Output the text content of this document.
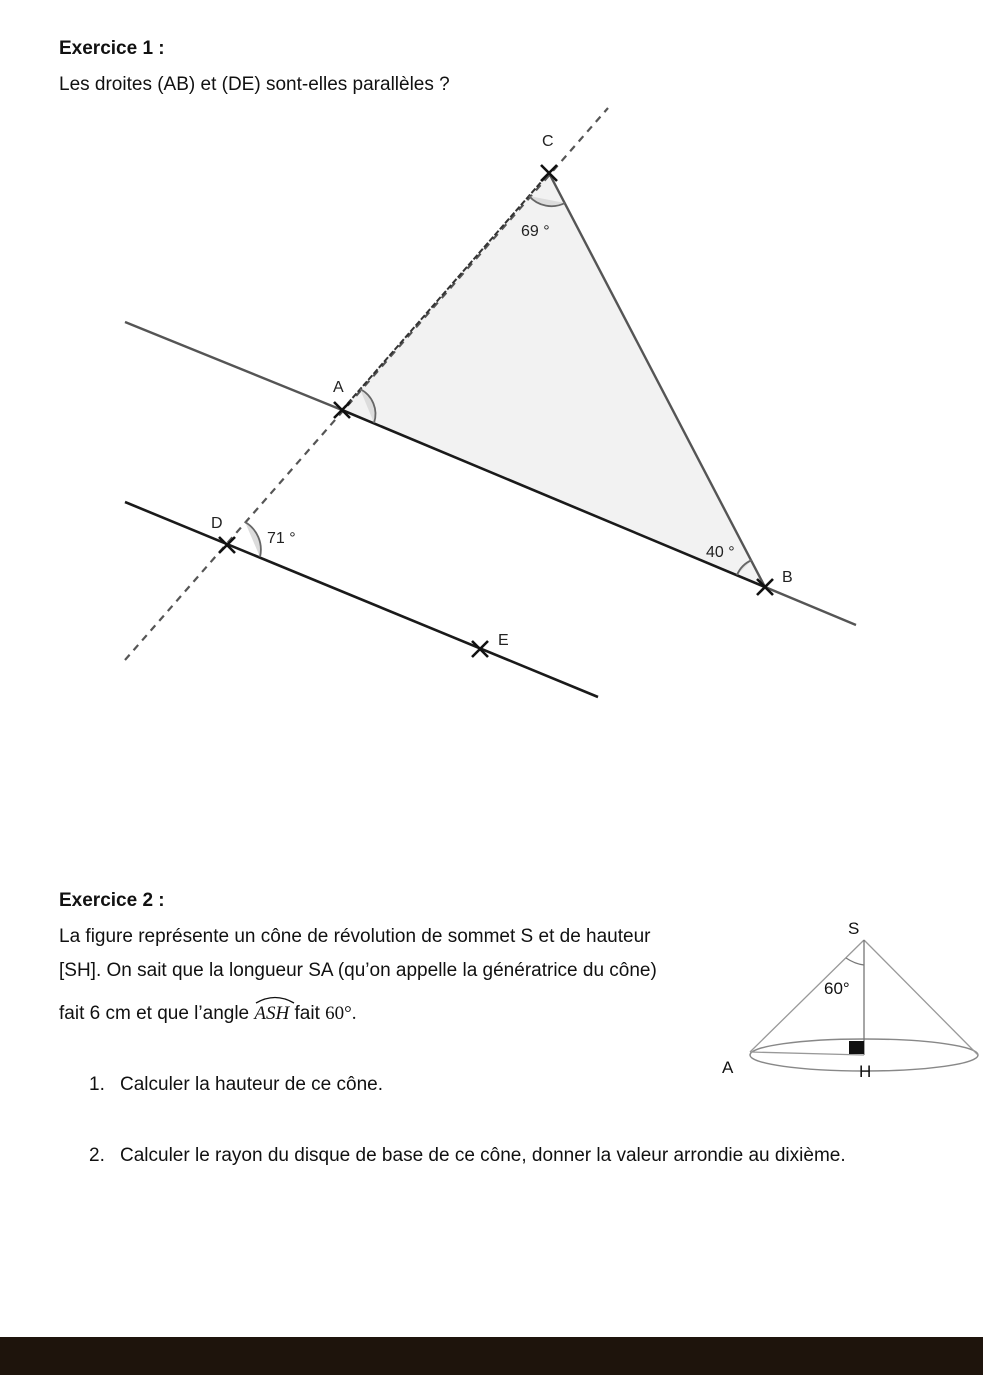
Exercice 1 :
Les droites (AB) et (DE) sont-elles parallèles ?
C
A
D
E
B
69 °
71 °
40 °
Exercice 2 :
La figure représente un cône de révolution de sommet S et de hauteur
[SH]. On sait que la longueur SA (qu’on appelle la génératrice du cône)
fait 6 cm et que l’angle
ASH fait 60°.
1. Calculer la hauteur de ce cône.
2. Calculer le rayon du disque de base de ce cône, donner la valeur arrondie au dixième.
S
A	H
60°
